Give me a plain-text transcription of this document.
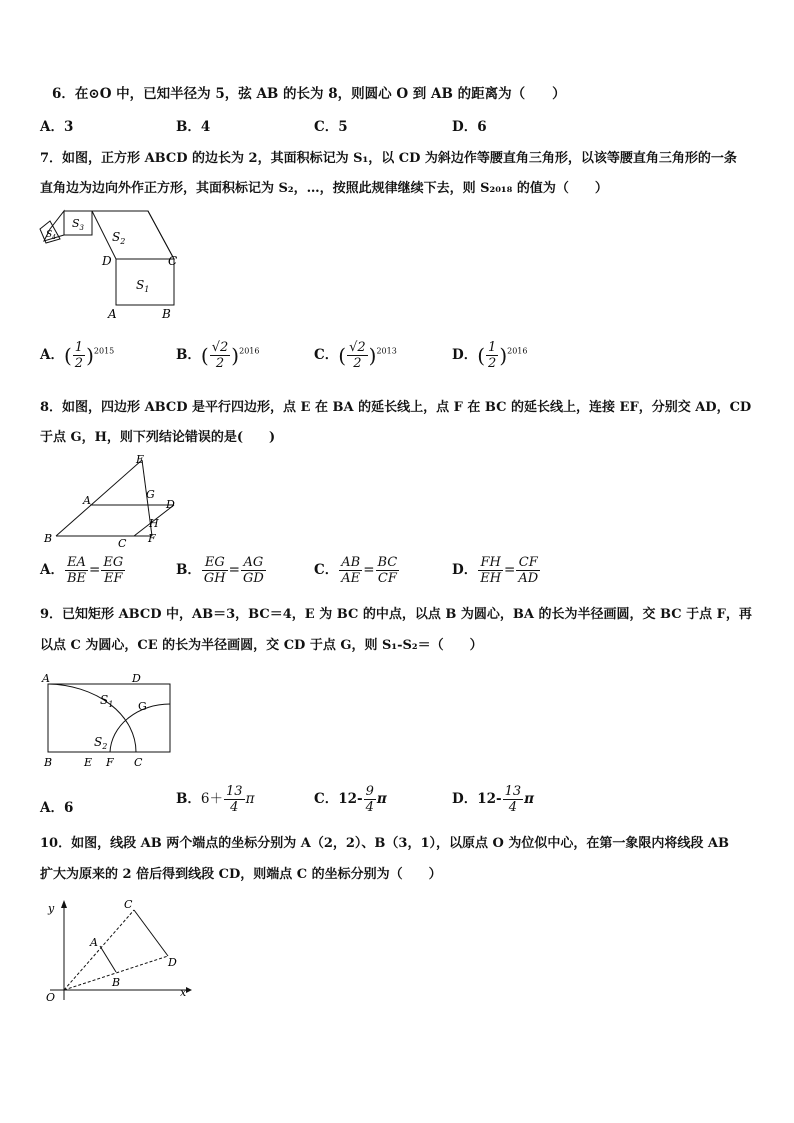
6．在⊙O 中，已知半径为 5，弦 AB 的长为 8，则圆心 O 到 AB 的距离为（　　）
A．3	B．4	C．5	D．6
7．如图，正方形 ABCD 的边长为 2，其面积标记为 S₁，以 CD 为斜边作等腰直角三角形，以该等腰直角三角形的一条
直角边为边向外作正方形，其面积标记为 S₂，…，按照此规律继续下去，则 S₂₀₁₈ 的值为（　　）
$S_1$
$S_2$
$S_3$
$S_4$
D	C
A	B
A．( $\frac{1}{2} )^{2015}$	B．( $\frac{√2}{2} )^{2016}$	C．( $\frac{√2}{2} )^{2013}$	D．( $\frac{1}{2} )^{2016}$
8．如图，四边形 ABCD 是平行四边形，点 E 在 BA 的延长线上，点 F 在 BC 的延长线上，连接 EF，分别交 AD，CD
于点 G，H，则下列结论错误的是(　　)
E
A	G
D
H
B	C F
A． $\frac{EA}{BE} = \frac{EG}{EF}$	B． $\frac{EG}{GH} = \frac{AG}{GD}$	C． $\frac{AB}{AE} = \frac{BC}{CF}$	D． $\frac{FH}{EH} = \frac{CF}{AD}$
9．已知矩形 ABCD 中，AB＝3，BC＝4，E 为 BC 的中点，以点 B 为圆心，BA 的长为半径画圆，交 BC 于点 F，再
以点 C 为圆心，CE 的长为半径画圆，交 CD 于点 G，则 S₁-S₂＝（　　）
A	D
G
$S_1$
$S_2$
B	E F C
A．6
B．$6+ \frac{13}{4}$ π	C．$12- \frac{9}{4}$ π	D．$12- \frac{13}{4}$ π
10．如图，线段 AB 两个端点的坐标分别为 A（2，2）、B（3，1），以原点 O 为位似中心，在第一象限内将线段 AB
扩大为原来的 2 倍后得到线段 CD，则端点 C 的坐标分别为（　　）
y
x
O
A
B
C
D
